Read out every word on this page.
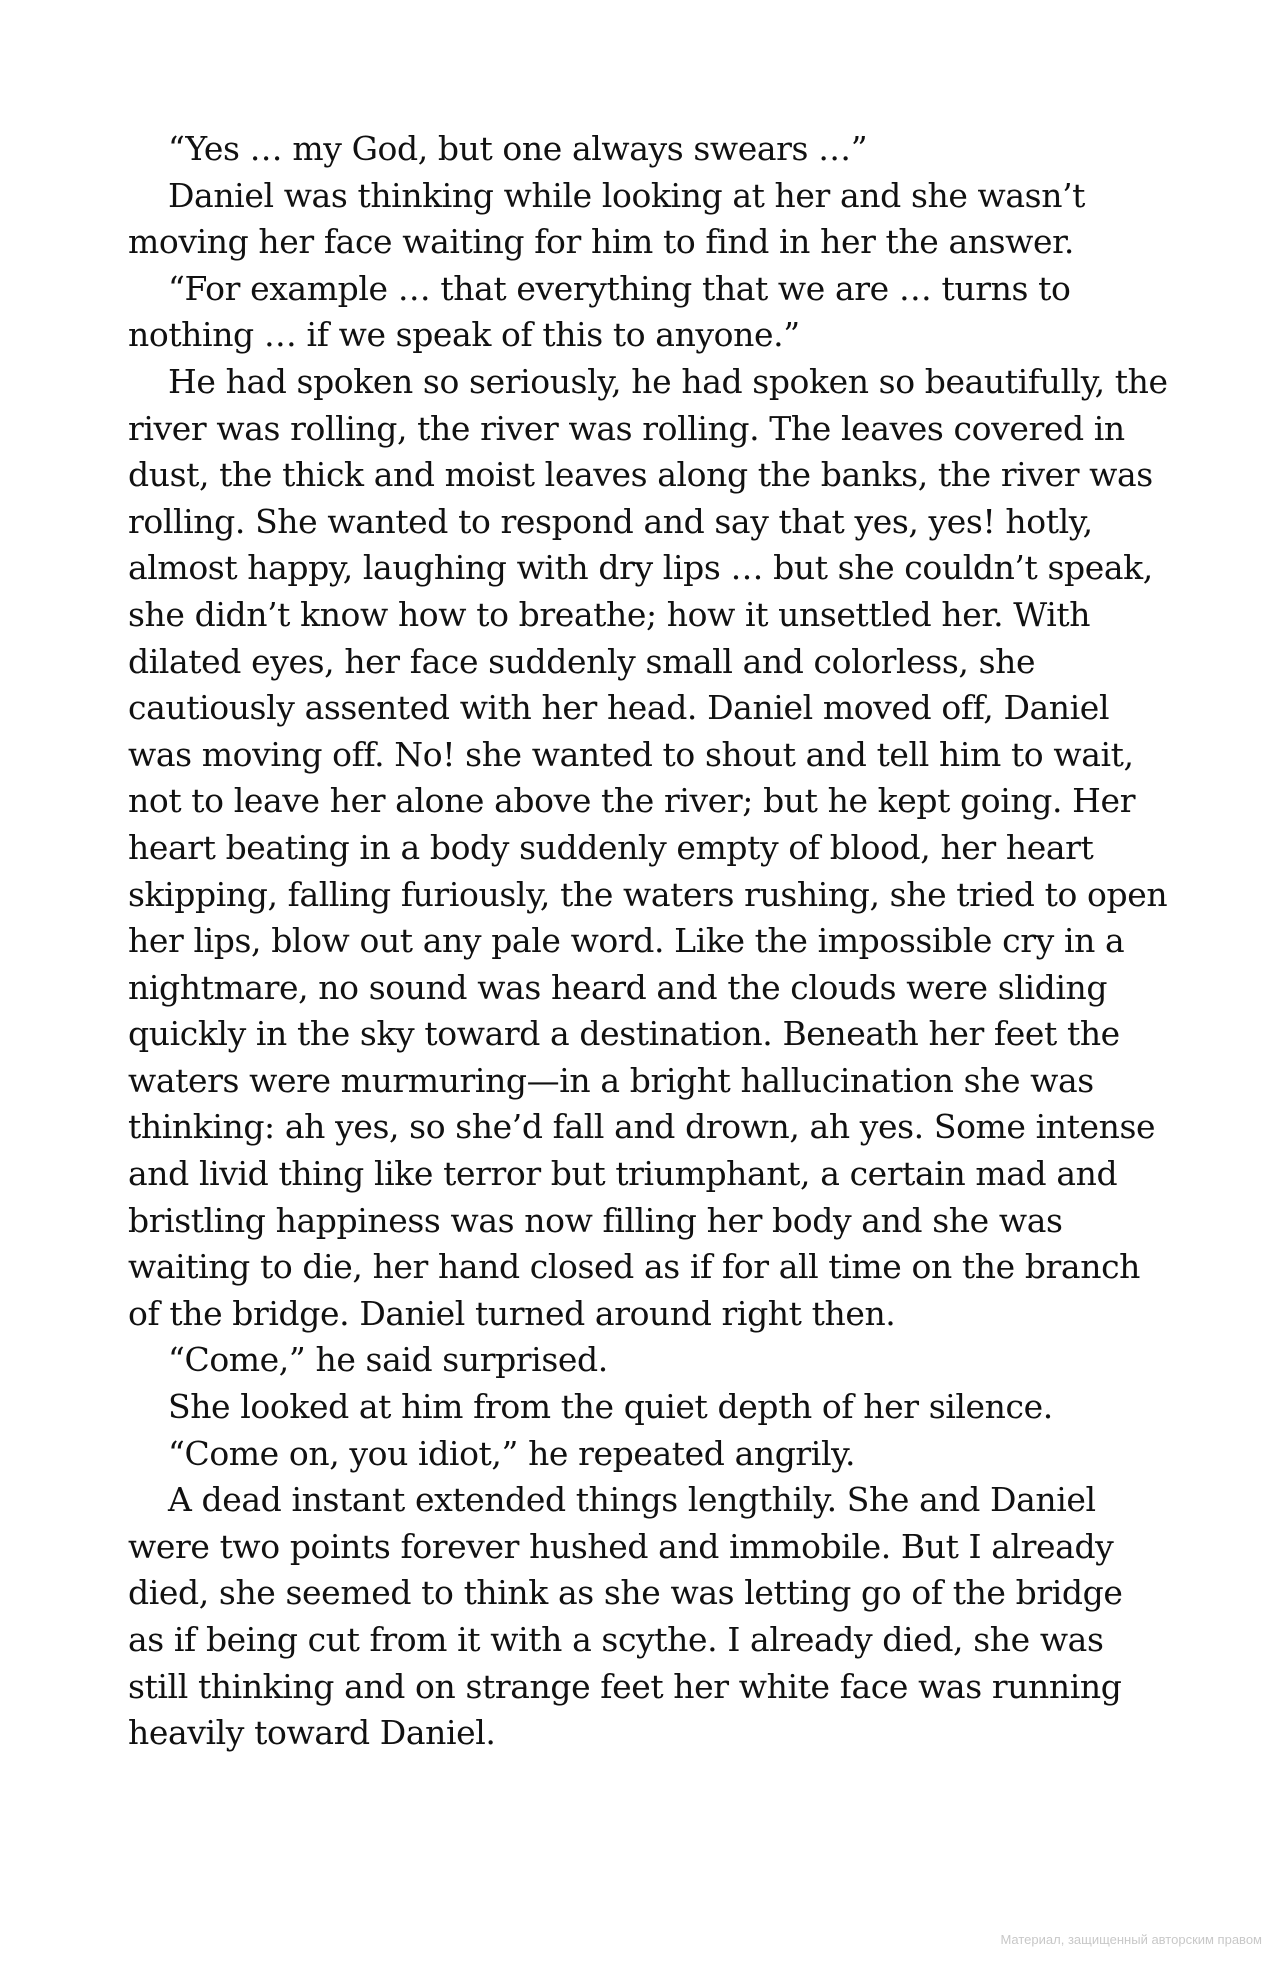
“Yes … my God, but one always swears …”

Daniel was thinking while looking at her and she wasn’t moving her face waiting for him to find in her the answer.

“For example … that everything that we are … turns to nothing … if we speak of this to anyone.”

He had spoken so seriously, he had spoken so beautifully, the river was rolling, the river was rolling. The leaves covered in dust, the thick and moist leaves along the banks, the river was rolling. She wanted to respond and say that yes, yes! hotly, almost happy, laughing with dry lips … but she couldn’t speak, she didn’t know how to breathe; how it unsettled her. With dilated eyes, her face suddenly small and colorless, she cautiously assented with her head. Daniel moved off, Daniel was moving off. No! she wanted to shout and tell him to wait, not to leave her alone above the river; but he kept going. Her heart beating in a body suddenly empty of blood, her heart skipping, falling furiously, the waters rushing, she tried to open her lips, blow out any pale word. Like the impossible cry in a nightmare, no sound was heard and the clouds were sliding quickly in the sky toward a destination. Beneath her feet the waters were murmuring—in a bright hallucination she was thinking: ah yes, so she’d fall and drown, ah yes. Some intense and livid thing like terror but triumphant, a certain mad and bristling happiness was now filling her body and she was waiting to die, her hand closed as if for all time on the branch of the bridge. Daniel turned around right then.

“Come,” he said surprised.

She looked at him from the quiet depth of her silence.

“Come on, you idiot,” he repeated angrily.

A dead instant extended things lengthily. She and Daniel were two points forever hushed and immobile. But I already died, she seemed to think as she was letting go of the bridge as if being cut from it with a scythe. I already died, she was still thinking and on strange feet her white face was running heavily toward Daniel.

Материал, защищенный авторским правом
